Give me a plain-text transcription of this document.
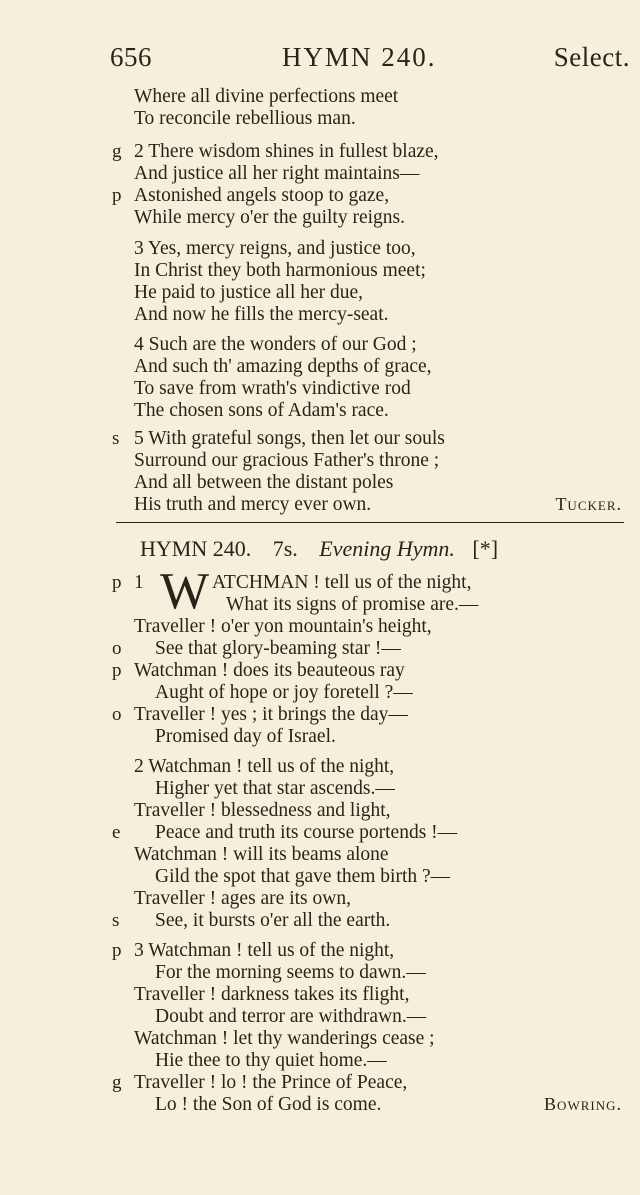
656	HYMN 240.	Select.
Where all divine perfections meet
To reconcile rebellious man.
g 2 There wisdom shines in fullest blaze,
And justice all her right maintains—
p Astonished angels stoop to gaze,
While mercy o'er the guilty reigns.
3 Yes, mercy reigns, and justice too,
In Christ they both harmonious meet;
He paid to justice all her due,
And now he fills the mercy-seat.
4 Such are the wonders of our God ;
And such th' amazing depths of grace,
To save from wrath's vindictive rod
The chosen sons of Adam's race.
s 5 With grateful songs, then let our souls
Surround our gracious Father's throne ;
And all between the distant poles
His truth and mercy ever own.	Tucker.
HYMN 240. 7s. Evening Hymn. [*]
p 1 W ATCHMAN ! tell us of the night,
What its signs of promise are.—
Traveller ! o'er yon mountain's height,
o See that glory-beaming star !—
p Watchman ! does its beauteous ray
Aught of hope or joy foretell ?—
o Traveller ! yes ; it brings the day—
Promised day of Israel.
2 Watchman ! tell us of the night,
Higher yet that star ascends.—
Traveller ! blessedness and light,
e Peace and truth its course portends !—
Watchman ! will its beams alone
Gild the spot that gave them birth ?—
Traveller ! ages are its own,
s See, it bursts o'er all the earth.
p 3 Watchman ! tell us of the night,
For the morning seems to dawn.—
Traveller ! darkness takes its flight,
Doubt and terror are withdrawn.—
Watchman ! let thy wanderings cease ;
Hie thee to thy quiet home.—
g Traveller ! lo ! the Prince of Peace,
Lo ! the Son of God is come.	Bowring.
